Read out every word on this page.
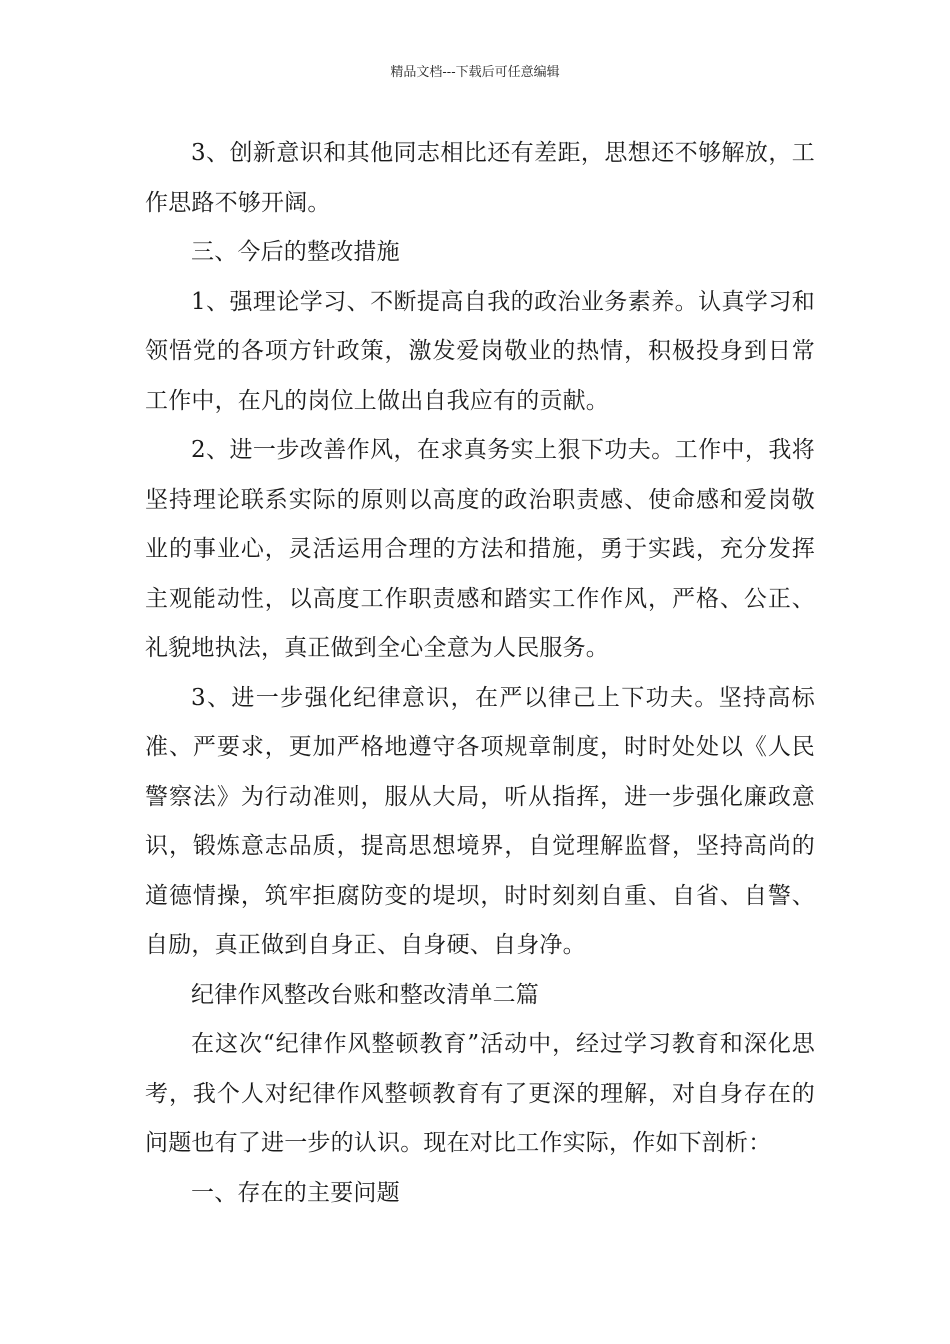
精品文档---下载后可任意编辑

3、创新意识和其他同志相比还有差距，思想还不够解放，工作思路不够开阔。

三、今后的整改措施

1、强理论学习、不断提高自我的政治业务素养。认真学习和领悟党的各项方针政策，激发爱岗敬业的热情，积极投身到日常工作中，在凡的岗位上做出自我应有的贡献。

2、进一步改善作风，在求真务实上狠下功夫。工作中，我将坚持理论联系实际的原则以高度的政治职责感、使命感和爱岗敬业的事业心，灵活运用合理的方法和措施，勇于实践，充分发挥主观能动性，以高度工作职责感和踏实工作作风，严格、公正、礼貌地执法，真正做到全心全意为人民服务。

3、进一步强化纪律意识，在严以律己上下功夫。坚持高标准、严要求，更加严格地遵守各项规章制度，时时处处以《人民警察法》为行动准则，服从大局，听从指挥，进一步强化廉政意识，锻炼意志品质，提高思想境界，自觉理解监督，坚持高尚的道德情操，筑牢拒腐防变的堤坝，时时刻刻自重、自省、自警、自励，真正做到自身正、自身硬、自身净。

纪律作风整改台账和整改清单二篇

在这次“纪律作风整顿教育”活动中，经过学习教育和深化思考，我个人对纪律作风整顿教育有了更深的理解，对自身存在的问题也有了进一步的认识。现在对比工作实际，作如下剖析：

一、存在的主要问题
